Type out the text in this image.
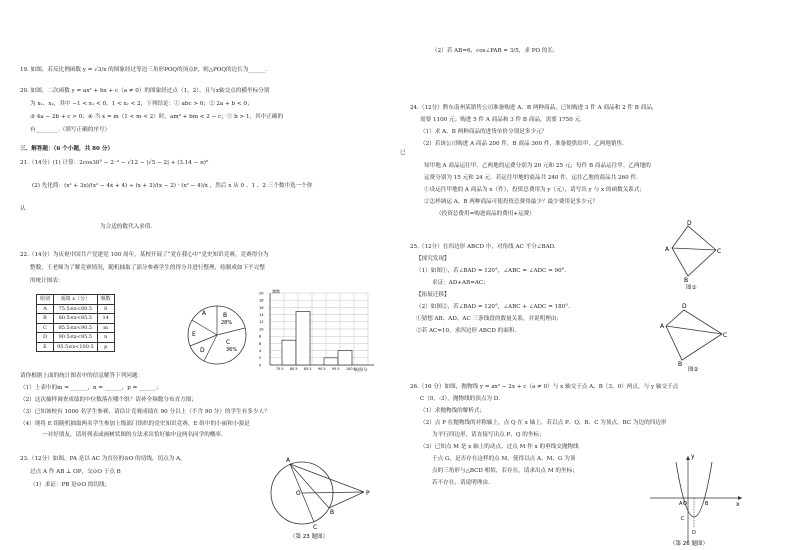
19. 如图，若反比例函数 y = √3/x 的图象经过等边三角形POQ的顶点P，则△POQ的边长为______.
20. 如图，二次函数 y = ax² + bx + c（a ≠ 0）的图象经过点（1，2），且与x轴交点的横坐标分别
为 x₁、x₂，其中 −1 < x₁ < 0，1 < x₂ < 2，下列结论：① abc > 0；② 2a + b < 0；
③ 4a − 2b + c > 0；④ 当 x = m（1 < m < 2）时，am² + bm < 2 − c；⑤ b > 1，其中正确的
有________.（填写正确的序号）
三、解答题：（6 个小题，共 80 分）
21.（14分）(1) 计算：2cos30° − 2⁻³ − √12 − |√5 − 2| + (3.14 − π)⁰
(2) 先化简：(x² + 3x)/(x² − 4x + 4) ÷ (x + 3)/(x − 2) · (x² − 4)/x ，然后 x 从 0 、1 、2 三个数中选一个你
认
为合适的数代入求值.
22.（14分）为庆祝中国共产党建党 100 周年，某校开展了“党在我心中”党史知识竞赛，竞赛得分为
整数，王老师为了解竞赛情况，随机抽取了部分参赛学生的得分并进行整理，绘制成如下不完整
的统计图表：
组别	成绩 x（分）	频数
A	75.5≤x<80.5	6
B	80.5≤x<85.5	14
C	85.5≤x<90.5	m
D	90.5≤x<95.5	n
E	95.5≤x<100.5	p
A	B
28%
C
36%
D
E
频数
成绩/分
20
18
16
14
12
10
8
6
4
2
0
75.5 80.5 85.5 90.5 95.5 100.5
请你根据上面的统计图表中的信息解答下列问题：
（1）上表中的m = ______，n = ______，p = ______；
（2）这次抽样调查成绩的中位数落在哪个组？请补全频数分布直方图；
（3）已知该校有 1000 名学生参赛，请估计竞赛成绩在 90 分以上（不含 90 分）的学生有多少人？
（4）现将 E 组随机抽取两名学生参加上级部门组织的党史知识竞赛，E 组中的小丽和小强是
一对好朋友，请用列表或画树状图的方法求出恰好抽中这两名同学的概率.
23.（12分）如图，PA 是以 AC 为直径的⊙O 的切线，切点为 A，
过点 A 作 AB ⊥ OP，交⊙O 于点 B
（1）求证：PB 是⊙O 的切线；
A
O	P
B
C
（第 23 题图）
（2）若 AB=6，cos∠PAB = 3/5，求 PO 的长.
24.（12分）黔东南州某销售公司准备购进 A、B 两种商品，已知购进 3 件 A 商品和 2 件 B 商品，
需要 1100 元；购进 5 件 A 商品和 3 件 B 商品，需要 1750 元．
（1）求 A、B 两种商品的进货单价分别是多少元？
（2）若该公司购进 A 商品 200 件，B 商品 300 件，准备提供给甲、乙两地销售.
已
知甲地 A 商品运往甲、乙两地的运费分别为 20 元和 25 元；每件 B 商品运往甲、乙两地的
运费分别为 15 元和 24 元．若运往甲地的商品共 240 件，运往乙地的商品共 260 件．
①设运往甲地的 A 商品为 x（件），投资总费用为 y（元），请写出 y 与 x 的函数关系式；
②怎样调运 A、B 两种商品可使投资总费用最少？最少费用是多少元？
（投资总费用=购进商品的费用+运费）
25.（12分）在四边形 ABCD 中，对角线 AC 平分∠BAD.
【探究发现】
（1）如图①，若∠BAD = 120°，∠ABC = ∠ADC = 90°．
求证：AD+AB=AC；
【拓展迁移】
（2）如图②，若∠BAD = 120°，∠ABC + ∠ADC = 180°．
①猜想 AB、AD、AC 三条线段的数量关系，并说明理由；
②若 AC=10，求四边形 ABCD 的面积.
A
D
C
B
图①
A
D
C
B
图②
26.（16 分）如图，抛物线 y = ax² − 2x + c（a ≠ 0）与 x 轴交于点 A、B（3，0）两点，与 y 轴交于点
C（0，-3），抛物线的顶点为 D.
（1）求抛物线的解析式；
（2）点 P 在抛物线的对称轴上，点 Q 在 x 轴上，若以点 P、Q、B、C 为顶点，BC 为边的四边形
为平行四边形，请直接写出点 P、Q 的坐标；
（3）已知点 M 是 x 轴上的动点，过点 M 作 x 的垂线交抛物线
于点 G，是否存在这样的点 M，使得以点 A、M、G 为顶
点的三角形与△BCD 相似，若存在，请求出点 M 的坐标；
若不存在，请说明理由.
y
x
A O	B
C
D
（第 26 题图）
